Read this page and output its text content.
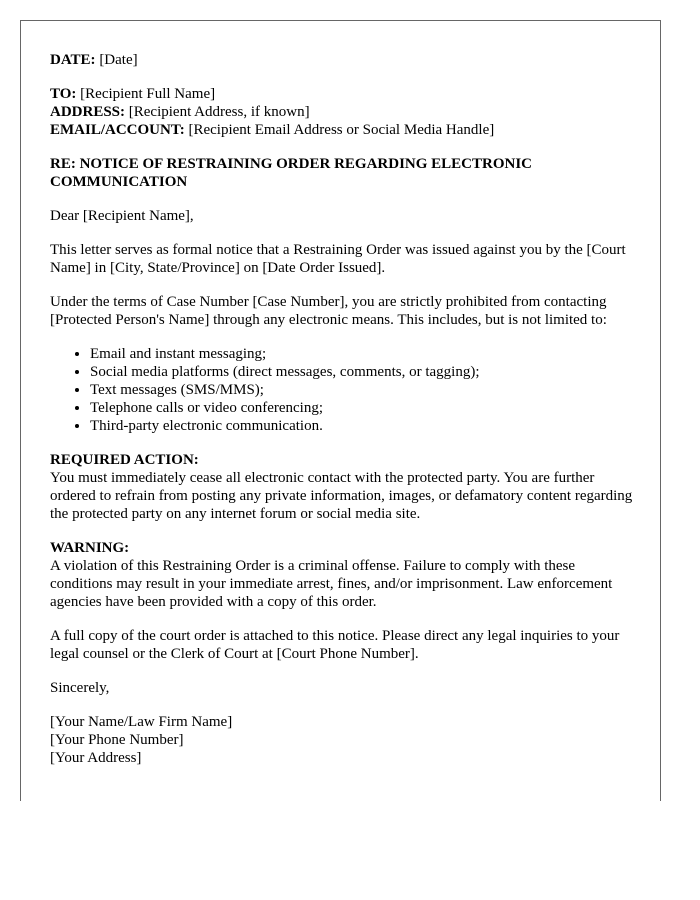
DATE: [Date]

TO: [Recipient Full Name]
ADDRESS: [Recipient Address, if known]
EMAIL/ACCOUNT: [Recipient Email Address or Social Media Handle]

RE: NOTICE OF RESTRAINING ORDER REGARDING ELECTRONIC COMMUNICATION

Dear [Recipient Name],

This letter serves as formal notice that a Restraining Order was issued against you by the [Court Name] in [City, State/Province] on [Date Order Issued].

Under the terms of Case Number [Case Number], you are strictly prohibited from contacting [Protected Person's Name] through any electronic means. This includes, but is not limited to:

• Email and instant messaging;
• Social media platforms (direct messages, comments, or tagging);
• Text messages (SMS/MMS);
• Telephone calls or video conferencing;
• Third-party electronic communication.
REQUIRED ACTION:
You must immediately cease all electronic contact with the protected party. You are further ordered to refrain from posting any private information, images, or defamatory content regarding the protected party on any internet forum or social media site.
WARNING:
A violation of this Restraining Order is a criminal offense. Failure to comply with these conditions may result in your immediate arrest, fines, and/or imprisonment. Law enforcement agencies have been provided with a copy of this order.

A full copy of the court order is attached to this notice. Please direct any legal inquiries to your legal counsel or the Clerk of Court at [Court Phone Number].

Sincerely,

[Your Name/Law Firm Name]
[Your Phone Number]
[Your Address]
